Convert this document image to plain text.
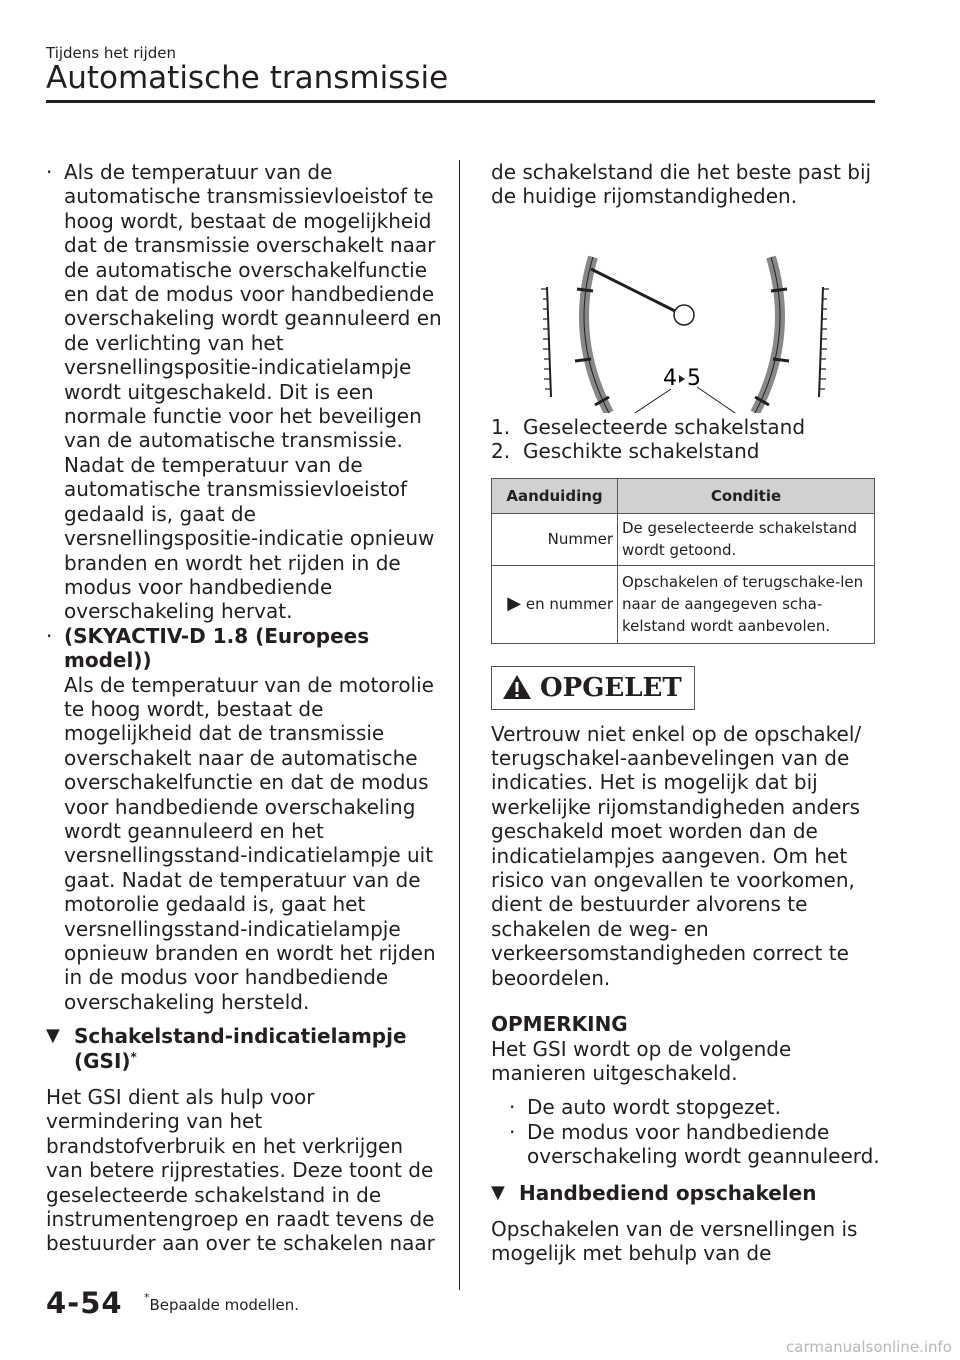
Tijdens het rijden
Automatische transmissie
· Als de temperatuur van de automatische transmissievloeistof te hoog wordt, bestaat de mogelijkheid dat de transmissie overschakelt naar de automatische overschakelfunctie en dat de modus voor handbediende overschakeling wordt geannuleerd en de verlichting van het versnellingspositie-indicatielampje wordt uitgeschakeld. Dit is een normale functie voor het beveiligen van de automatische transmissie. Nadat de temperatuur van de automatische transmissievloeistof gedaald is, gaat de versnellingspositie-indicatie opnieuw branden en wordt het rijden in de modus voor handbediende overschakeling hervat.
· (SKYACTIV-D 1.8 (Europees model))
Als de temperatuur van de motorolie te hoog wordt, bestaat de mogelijkheid dat de transmissie overschakelt naar de automatische overschakelfunctie en dat de modus voor handbediende overschakeling wordt geannuleerd en het versnellingsstand-indicatielampje uit gaat. Nadat de temperatuur van de motorolie gedaald is, gaat het versnellingsstand-indicatielampje opnieuw branden en wordt het rijden in de modus voor handbediende overschakeling hersteld.
▼ Schakelstand-indicatielampje
(GSI)*
Het GSI dient als hulp voor vermindering van het brandstofverbruik en het verkrijgen van betere rijprestaties. Deze toont de geselecteerde schakelstand in de instrumentengroep en raadt tevens de bestuurder aan over te schakelen naar
de schakelstand die het beste past bij de huidige rijomstandigheden.
4 5
1. Geselecteerde schakelstand
2. Geschikte schakelstand
Aanduiding	Conditie
Nummer	De geselecteerde schakelstand wordt getoond.
▶ en nummer	Opschakelen of terugschake-len naar de aangegeven scha-kelstand wordt aanbevolen.
OPGELET
Vertrouw niet enkel op de opschakel/ terugschakel-aanbevelingen van de indicaties. Het is mogelijk dat bij werkelijke rijomstandigheden anders geschakeld moet worden dan de indicatielampjes aangeven. Om het risico van ongevallen te voorkomen, dient de bestuurder alvorens te schakelen de weg- en verkeersomstandigheden correct te beoordelen.
OPMERKING
Het GSI wordt op de volgende manieren uitgeschakeld.
· De auto wordt stopgezet.
· De modus voor handbediende overschakeling wordt geannuleerd.
▼ Handbediend opschakelen
Opschakelen van de versnellingen is mogelijk met behulp van de
4-54 *Bepaalde modellen.
carmanualsonline.info
